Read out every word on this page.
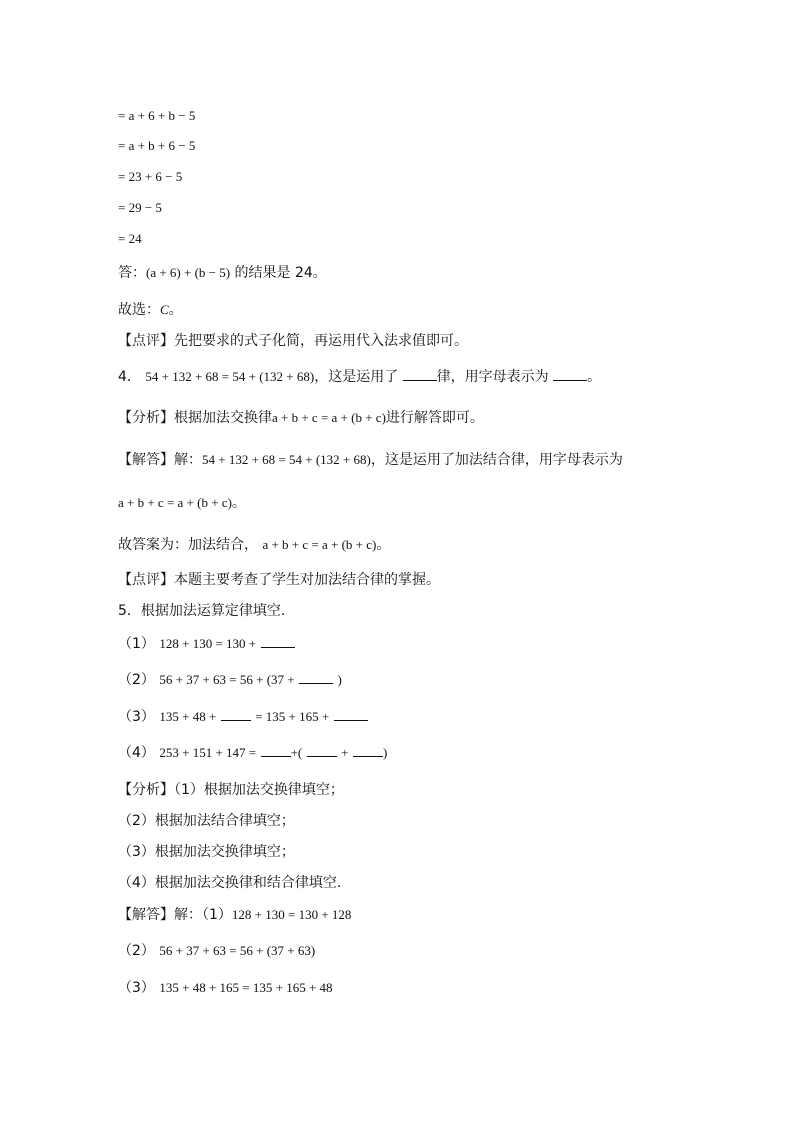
= a + 6 + b − 5
= a + b + 6 − 5
= 23 + 6 − 5
= 29 − 5
= 24
答：(a + 6) + (b − 5) 的结果是 24。
故选：C。
【点评】先把要求的式子化简，再运用代入法求值即可。
4． 54 + 132 + 68 = 54 + (132 + 68)，这是运用了 律，用字母表示为 。
【分析】根据加法交换律a + b + c = a + (b + c)进行解答即可。
【解答】解：54 + 132 + 68 = 54 + (132 + 68)，这是运用了加法结合律，用字母表示为
a + b + c = a + (b + c)。
故答案为：加法结合， a + b + c = a + (b + c)。
【点评】本题主要考查了学生对加法结合律的掌握。
5．根据加法运算定律填空.
（1） 128 + 130 = 130 +
（2） 56 + 37 + 63 = 56 + (37 +	)
（3） 135 + 48 +	= 135 + 165 +
（4） 253 + 151 + 147 =	+(	+	)
【分析】（1）根据加法交换律填空；
（2）根据加法结合律填空；
（3）根据加法交换律填空；
（4）根据加法交换律和结合律填空.
【解答】解：（1）128 + 130 = 130 + 128
（2） 56 + 37 + 63 = 56 + (37 + 63)
（3） 135 + 48 + 165 = 135 + 165 + 48
